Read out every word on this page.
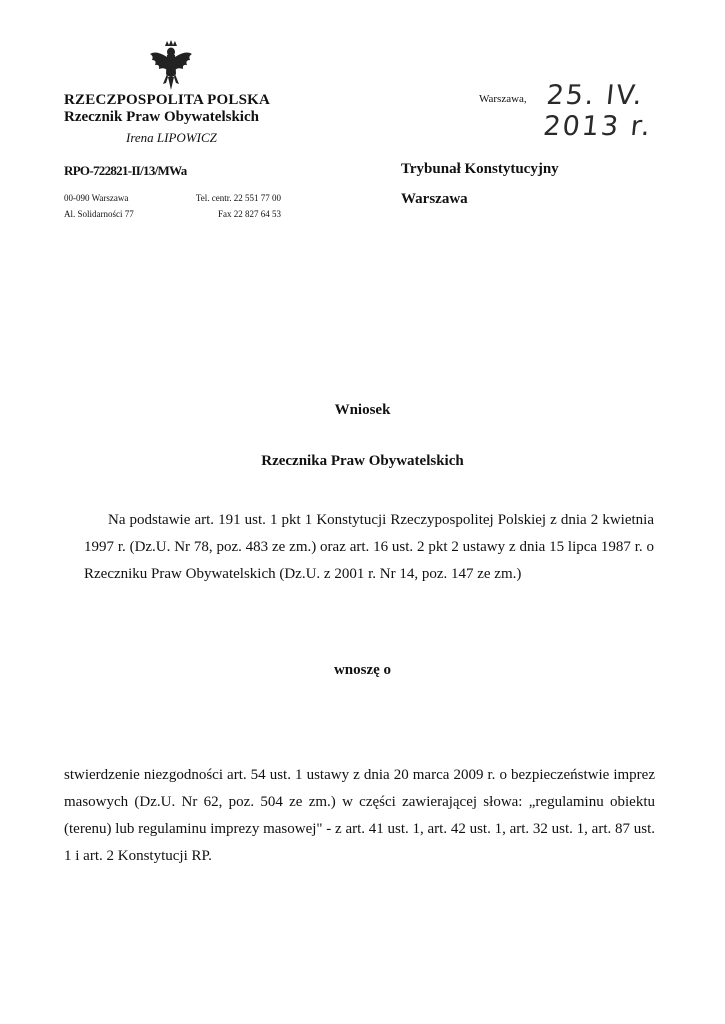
RZECZPOSPOLITA POLSKA
Rzecznik Praw Obywatelskich
Irena LIPOWICZ
RPO-722821-II/13/MWa
00-090 Warszawa
Al. Solidarności 77
Tel. centr. 22 551 77 00
Fax 22 827 64 53
Warszawa, 25. IV. 2013 r.
Trybunał Konstytucyjny
Warszawa
Wniosek
Rzecznika Praw Obywatelskich
Na podstawie art. 191 ust. 1 pkt 1 Konstytucji Rzeczypospolitej Polskiej z dnia 2 kwietnia 1997 r. (Dz.U. Nr 78, poz. 483 ze zm.) oraz art. 16 ust. 2 pkt 2 ustawy z dnia 15 lipca 1987 r. o Rzeczniku Praw Obywatelskich (Dz.U. z 2001 r. Nr 14, poz. 147 ze zm.)
wnoszę o
stwierdzenie niezgodności art. 54 ust. 1 ustawy z dnia 20 marca 2009 r. o bezpieczeństwie imprez masowych (Dz.U. Nr 62, poz. 504 ze zm.) w części zawierającej słowa: „regulaminu obiektu (terenu) lub regulaminu imprezy masowej" - z art. 41 ust. 1, art. 42 ust. 1, art. 32 ust. 1, art. 87 ust. 1 i art. 2 Konstytucji RP.
